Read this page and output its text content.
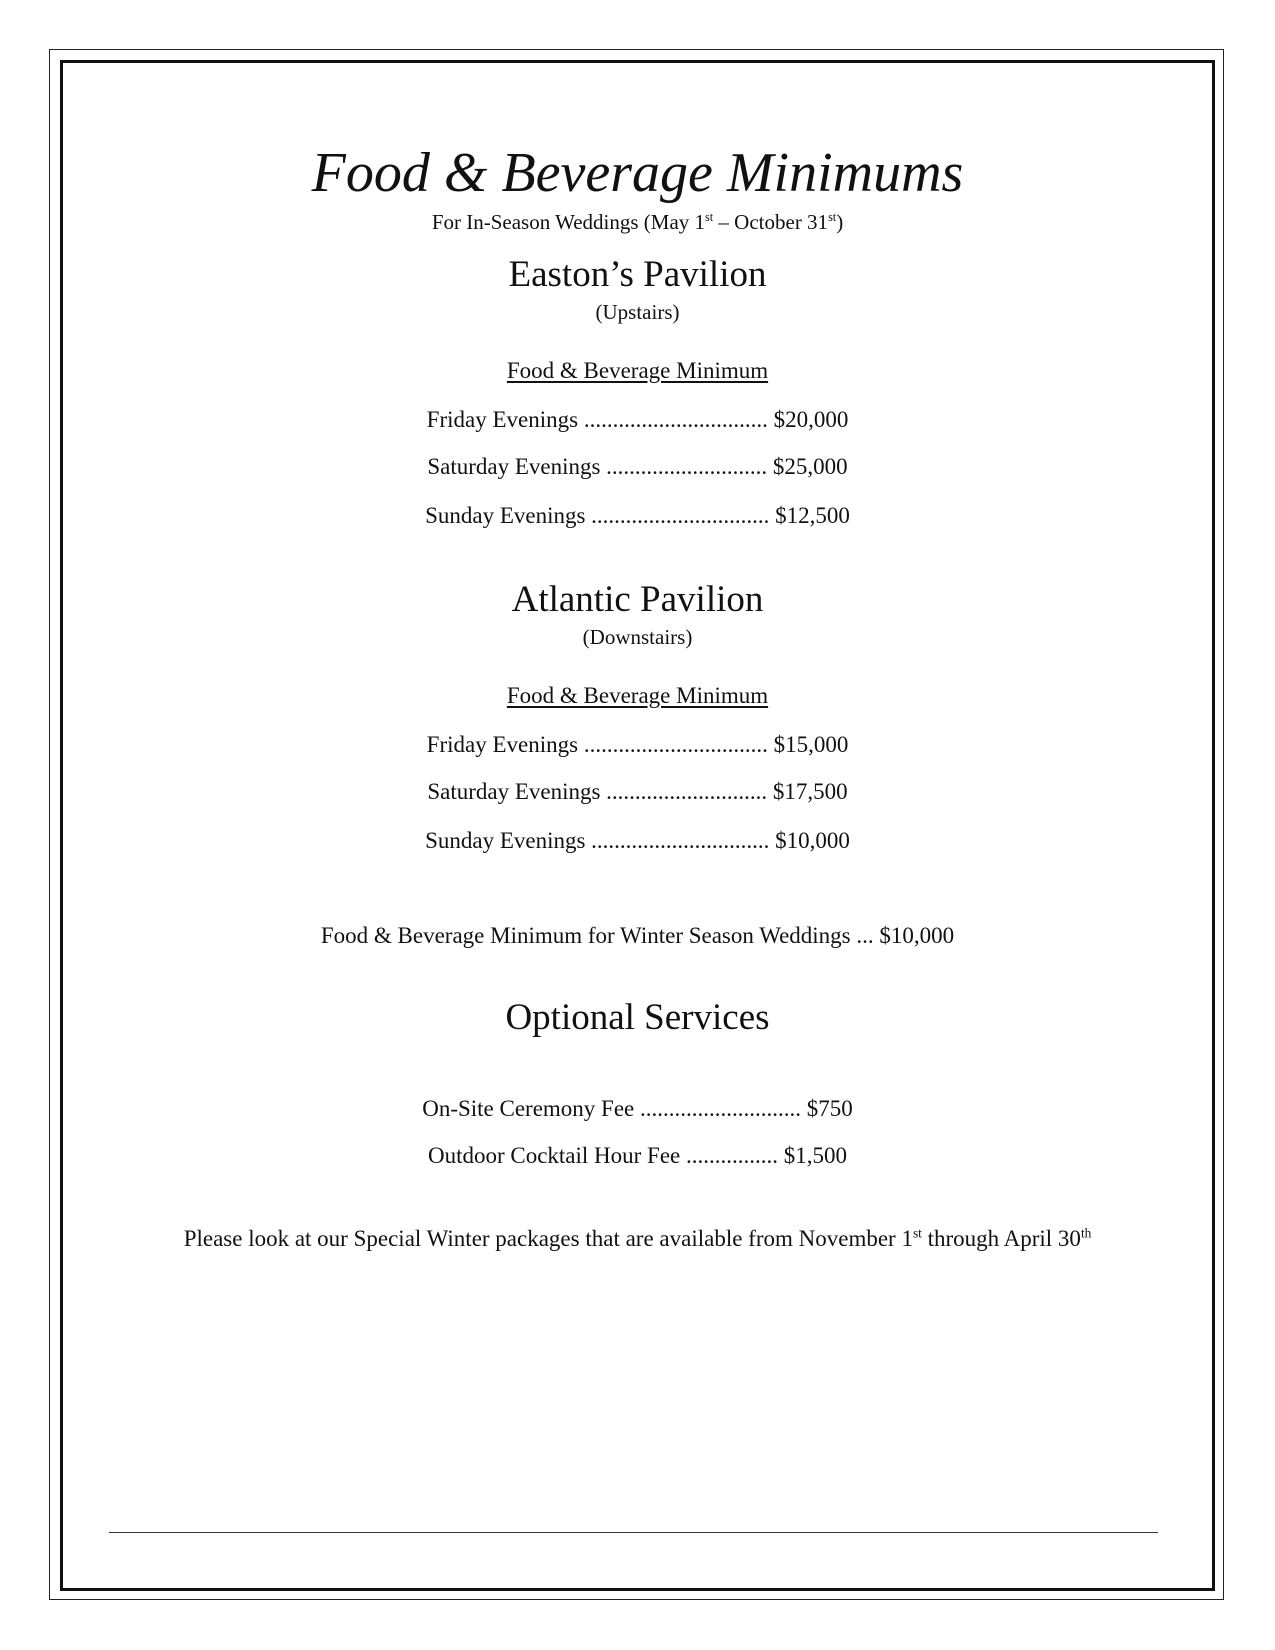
Food & Beverage Minimums
For In-Season Weddings (May 1st – October 31st)
Easton’s Pavilion
(Upstairs)
Food & Beverage Minimum
Friday Evenings ................................ $20,000
Saturday Evenings ............................ $25,000
Sunday Evenings ............................... $12,500
Atlantic Pavilion
(Downstairs)
Food & Beverage Minimum
Friday Evenings ................................ $15,000
Saturday Evenings ............................ $17,500
Sunday Evenings ............................... $10,000
Food & Beverage Minimum for Winter Season Weddings ... $10,000
Optional Services
On-Site Ceremony Fee ............................ $750
Outdoor Cocktail Hour Fee ................ $1,500
Please look at our Special Winter packages that are available from November 1st through April 30th
